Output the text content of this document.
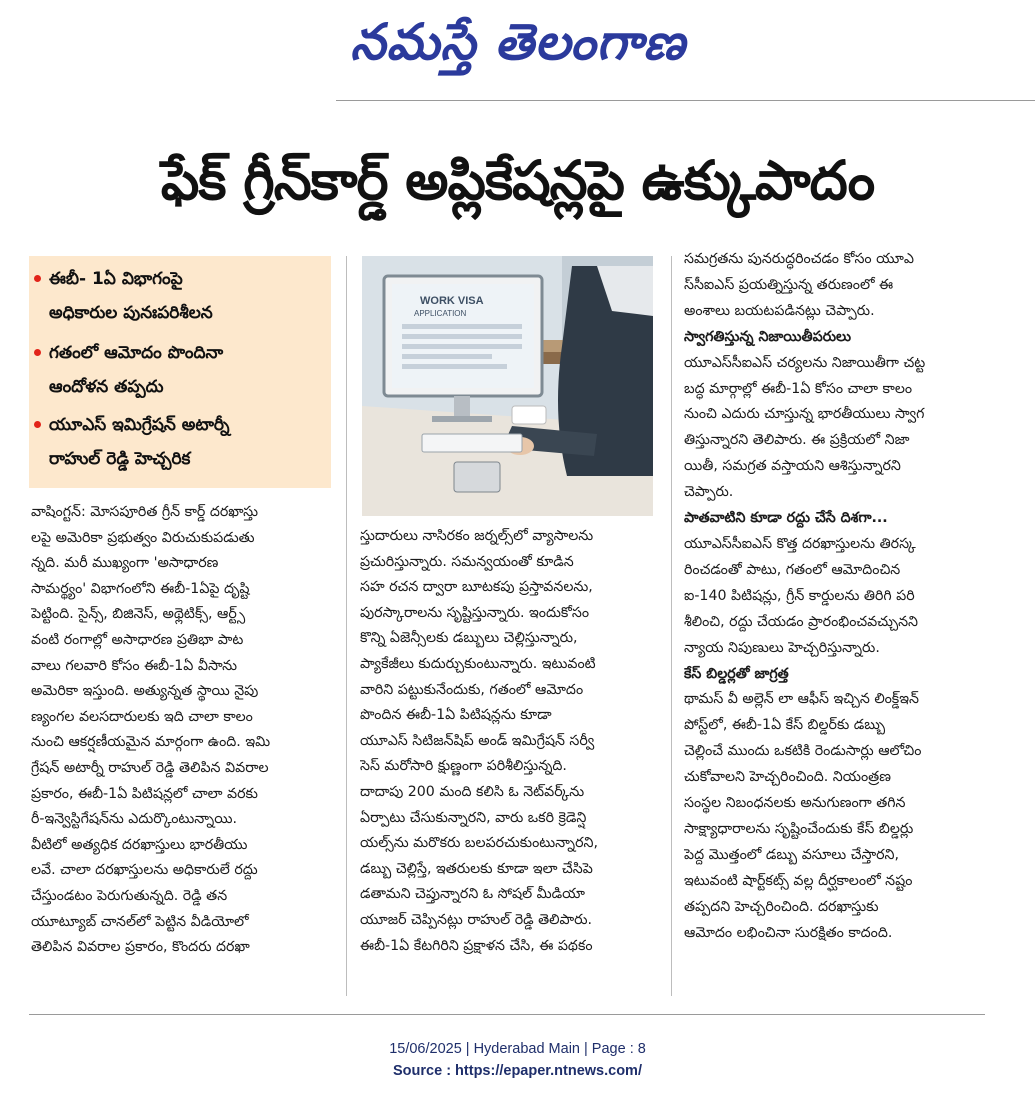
నమస్తే తెలంగాణ
ఫేక్ గ్రీన్‌కార్డ్ అప్లికేషన్లపై ఉక్కుపాదం
ఈబీ- 1ఏ విభాగంపై
అధికారుల పునఃపరిశీలన
గతంలో ఆమోదం పొందినా
ఆందోళన తప్పదు
యూఎస్ ఇమిగ్రేషన్ అటార్నీ
రాహుల్ రెడ్డి హెచ్చరిక
WORK VISA
APPLICATION
వాషింగ్టన్: మోసపూరిత గ్రీన్ కార్డ్ దరఖాస్తు
లపై అమెరికా ప్రభుత్వం విరుచుకుపడుతు
న్నది. మరీ ముఖ్యంగా 'అసాధారణ
సామర్థ్యం' విభాగంలోని ఈబీ-1ఏపై దృష్టి
పెట్టింది. సైన్స్, బిజినెస్, అథ్లెటిక్స్, ఆర్ట్స్
వంటి రంగాల్లో అసాధారణ ప్రతిభా పాట
వాలు గలవారి కోసం ఈబీ-1ఏ వీసాను
అమెరికా ఇస్తుంది. అత్యున్నత స్థాయి నైపు
ణ్యంగల వలసదారులకు ఇది చాలా కాలం
నుంచి ఆకర్షణీయమైన మార్గంగా ఉంది. ఇమి
గ్రేషన్ అటార్నీ రాహుల్ రెడ్డి తెలిపిన వివరాల
ప్రకారం, ఈబీ-1ఏ పిటిషన్లలో చాలా వరకు
రీ-ఇన్వెస్టిగేషన్‌ను ఎదుర్కొంటున్నాయి.
వీటిలో అత్యధిక దరఖాస్తులు భారతీయు
లవే. చాలా దరఖాస్తులను అధికారులే రద్దు
చేస్తుండటం పెరుగుతున్నది. రెడ్డి తన
యూట్యూబ్ చానల్‌లో పెట్టిన వీడియోలో
తెలిపిన వివరాల ప్రకారం, కొందరు దరఖా
స్తుదారులు నాసిరకం జర్నల్స్‌లో వ్యాసాలను
ప్రచురిస్తున్నారు. సమన్వయంతో కూడిన
సహ రచన ద్వారా బూటకపు ప్రస్తావనలను,
పురస్కారాలను సృష్టిస్తున్నారు. ఇందుకోసం
కొన్ని ఏజెన్సీలకు డబ్బులు చెల్లిస్తున్నారు,
ప్యాకేజీలు కుదుర్చుకుంటున్నారు. ఇటువంటి
వారిని పట్టుకునేందుకు, గతంలో ఆమోదం
పొందిన ఈబీ-1ఏ పిటిషన్లను కూడా
యూఎస్ సిటిజన్‌షిప్ అండ్ ఇమిగ్రేషన్ సర్వీ
సెస్ మరోసారి క్షుణ్ణంగా పరిశీలిస్తున్నది.
దాదాపు 200 మంది కలిసి ఓ నెట్‌వర్క్‌ను
ఏర్పాటు చేసుకున్నారని, వారు ఒకరి క్రెడెన్షి
యల్స్‌ను మరొకరు బలపరచుకుంటున్నారని,
డబ్బు చెల్లిస్తే, ఇతరులకు కూడా ఇలా చేసిపె
డతామని చెప్తున్నారని ఓ సోషల్ మీడియా
యూజర్ చెప్పినట్లు రాహుల్ రెడ్డి తెలిపారు.
ఈబీ-1ఏ కేటగిరిని ప్రక్షాళన చేసి, ఈ పథకం
సమగ్రతను పునరుద్ధరించడం కోసం యూఎ
స్‌సీఐఎస్ ప్రయత్నిస్తున్న తరుణంలో ఈ
అంశాలు బయటపడినట్లు చెప్పారు.
స్వాగతిస్తున్న నిజాయితీపరులు
యూఎస్‌సీఐఎస్ చర్యలను నిజాయితీగా చట్ట
బద్ధ మార్గాల్లో ఈబీ-1ఏ కోసం చాలా కాలం
నుంచి ఎదురు చూస్తున్న భారతీయులు స్వాగ
తిస్తున్నారని తెలిపారు. ఈ ప్రక్రియలో నిజా
యితీ, సమగ్రత వస్తాయని ఆశిస్తున్నారని
చెప్పారు.
పాతవాటిని కూడా రద్దు చేసే దిశగా...
యూఎస్‌సీఐఎస్ కొత్త దరఖాస్తులను తిరస్క
రించడంతో పాటు, గతంలో ఆమోదించిన
ఐ-140 పిటిషన్లు, గ్రీన్ కార్డులను తిరిగి పరి
శీలించి, రద్దు చేయడం ప్రారంభించవచ్చునని
న్యాయ నిపుణులు హెచ్చరిస్తున్నారు.
కేస్ బిల్డర్లతో జాగ్రత్త
థామస్ వీ అల్లెన్ లా ఆఫీస్ ఇచ్చిన లింక్డ్‌ఇన్
పోస్ట్‌లో, ఈబీ-1ఏ కేస్ బిల్డర్‌కు డబ్బు
చెల్లించే ముందు ఒకటికి రెండుసార్లు ఆలోచిం
చుకోవాలని హెచ్చరించింది. నియంత్రణ
సంస్థల నిబంధనలకు అనుగుణంగా తగిన
సాక్ష్యాధారాలను సృష్టించేందుకు కేస్ బిల్డర్లు
పెద్ద మొత్తంలో డబ్బు వసూలు చేస్తారని,
ఇటువంటి షార్ట్‌కట్స్ వల్ల దీర్ఘకాలంలో నష్టం
తప్పదని హెచ్చరించింది. దరఖాస్తుకు
ఆమోదం లభించినా సురక్షితం కాదంది.
15/06/2025 | Hyderabad Main | Page : 8
Source : https://epaper.ntnews.com/
